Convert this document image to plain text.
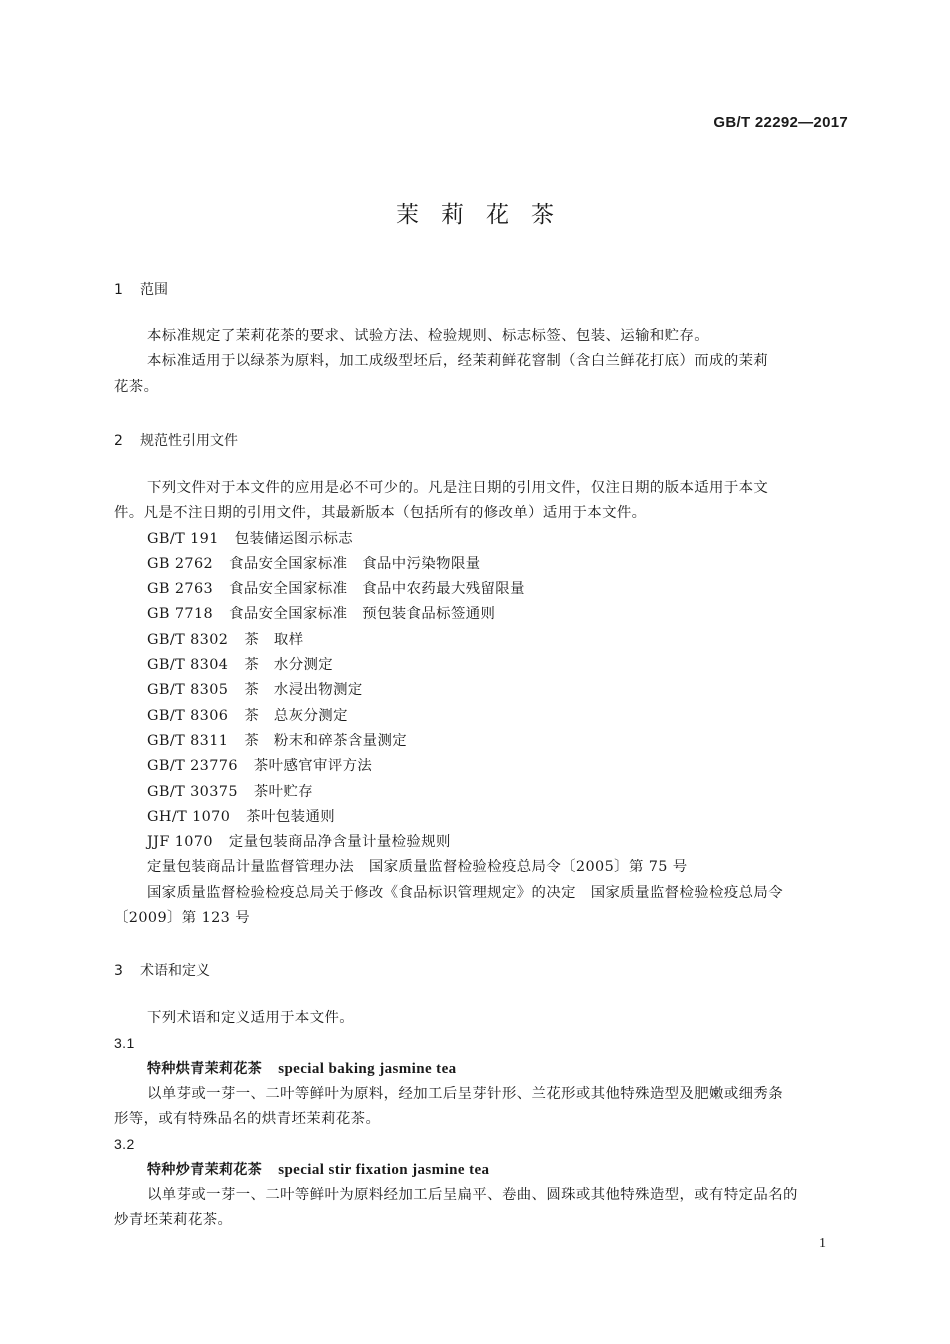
GB/T 22292—2017
茉莉花茶
1 范围
本标准规定了茉莉花茶的要求、试验方法、检验规则、标志标签、包装、运输和贮存。
本标准适用于以绿茶为原料，加工成级型坯后，经茉莉鲜花窨制（含白兰鲜花打底）而成的茉莉
花茶。
2 规范性引用文件
下列文件对于本文件的应用是必不可少的。凡是注日期的引用文件，仅注日期的版本适用于本文
件。凡是不注日期的引用文件，其最新版本（包括所有的修改单）适用于本文件。
GB/T 191 包装储运图示标志
GB 2762 食品安全国家标准　食品中污染物限量
GB 2763 食品安全国家标准　食品中农药最大残留限量
GB 7718 食品安全国家标准　预包装食品标签通则
GB/T 8302 茶　取样
GB/T 8304 茶　水分测定
GB/T 8305 茶　水浸出物测定
GB/T 8306 茶　总灰分测定
GB/T 8311 茶　粉末和碎茶含量测定
GB/T 23776 茶叶感官审评方法
GB/T 30375 茶叶贮存
GH/T 1070 茶叶包装通则
JJF 1070 定量包装商品净含量计量检验规则
定量包装商品计量监督管理办法　国家质量监督检验检疫总局令〔2005〕第 75 号
国家质量监督检验检疫总局关于修改《食品标识管理规定》的决定　国家质量监督检验检疫总局令
〔2009〕第 123 号
3 术语和定义
下列术语和定义适用于本文件。
3.1
特种烘青茉莉花茶 special baking jasmine tea
以单芽或一芽一、二叶等鲜叶为原料，经加工后呈芽针形、兰花形或其他特殊造型及肥嫩或细秀条
形等，或有特殊品名的烘青坯茉莉花茶。
3.2
特种炒青茉莉花茶 special stir fixation jasmine tea
以单芽或一芽一、二叶等鲜叶为原料经加工后呈扁平、卷曲、圆珠或其他特殊造型，或有特定品名的
炒青坯茉莉花茶。
1
